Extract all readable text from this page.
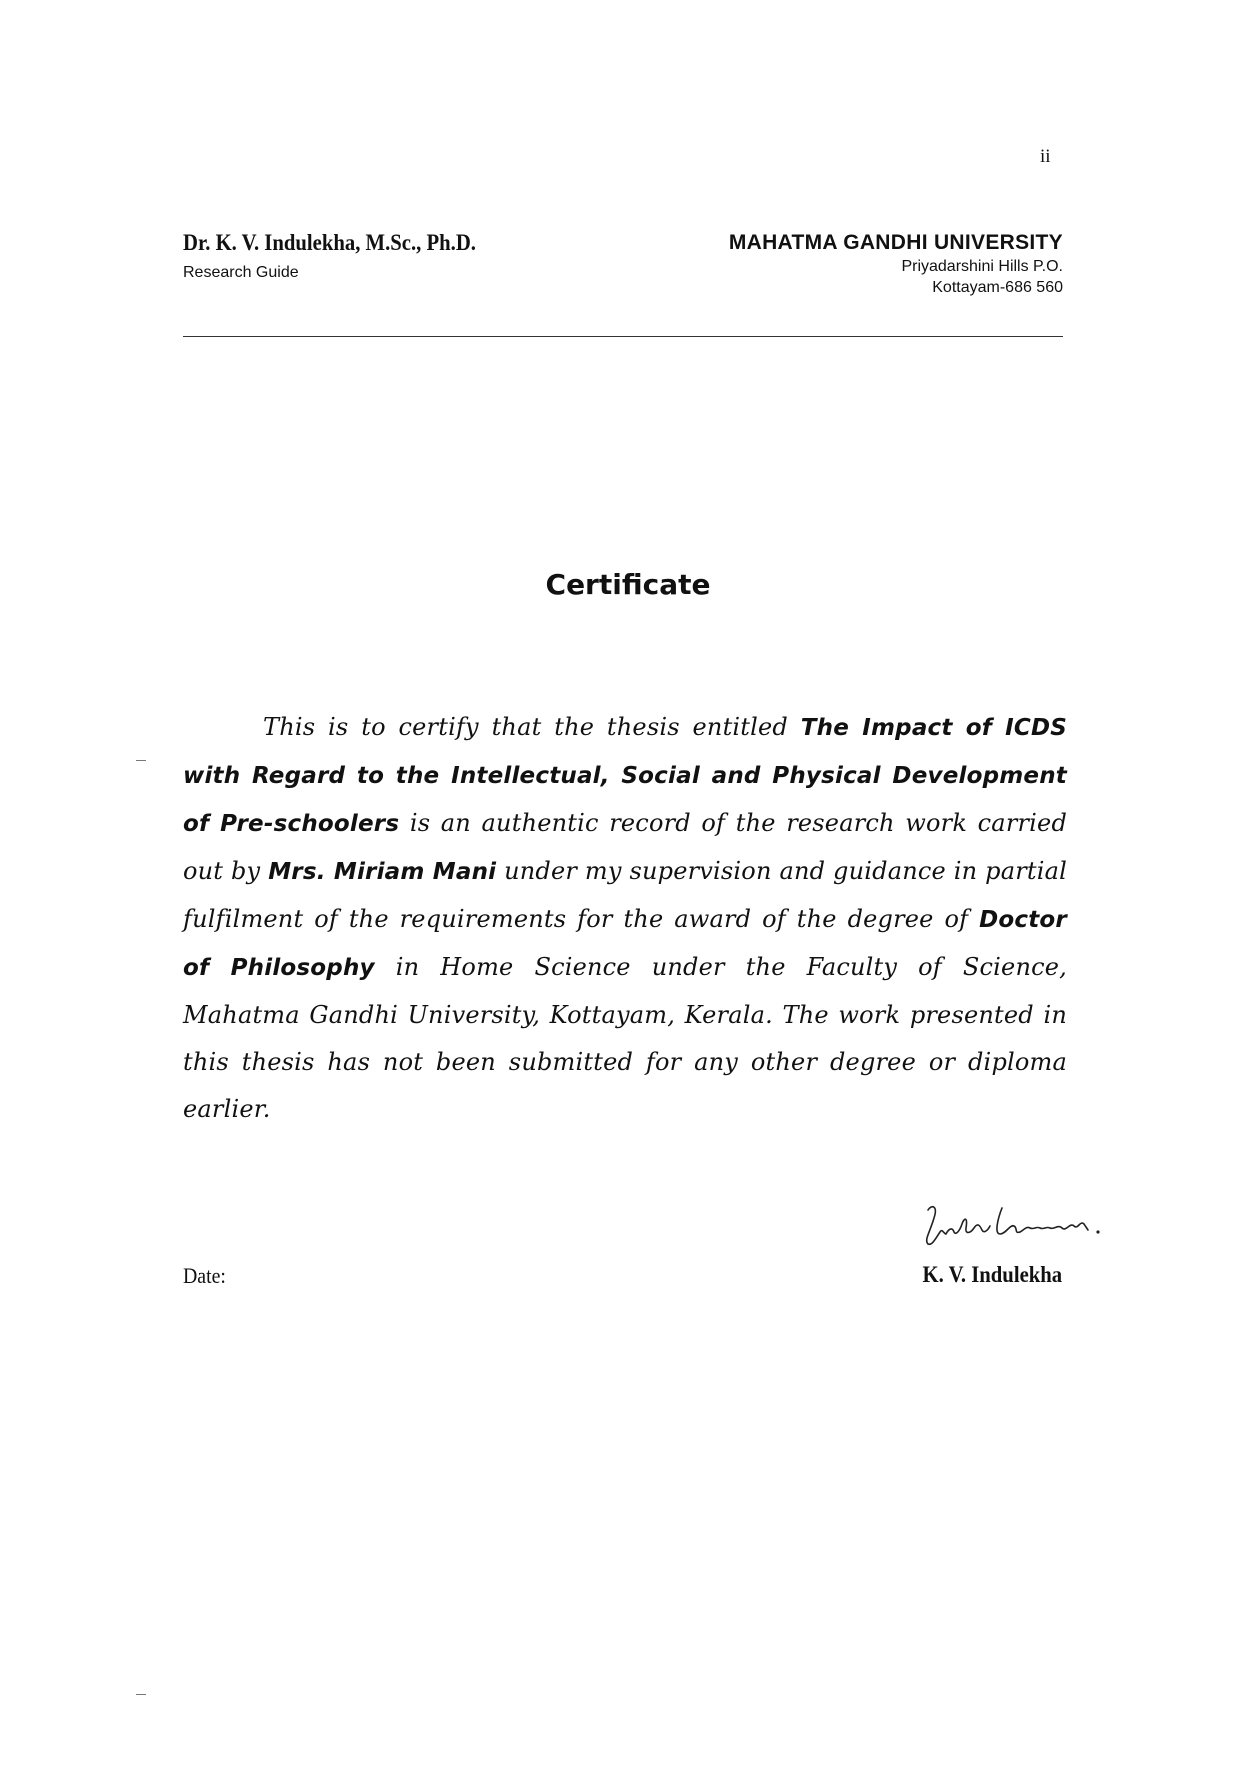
ii
Dr. K. V. Indulekha, M.Sc., Ph.D.
Research Guide
MAHATMA GANDHI UNIVERSITY
Priyadarshini Hills P.O.
Kottayam-686 560
Certificate

This is to certify that the thesis entitled The Impact of ICDS with Regard to the Intellectual, Social and Physical Development of Pre-schoolers is an authentic record of the research work carried out by Mrs. Miriam Mani under my supervision and guidance in partial fulfilment of the requirements for the award of the degree of Doctor of Philosophy in Home Science under the Faculty of Science, Mahatma Gandhi University, Kottayam, Kerala. The work presented in this thesis has not been submitted for any other degree or diploma earlier.

Date:	K. V. Indulekha
